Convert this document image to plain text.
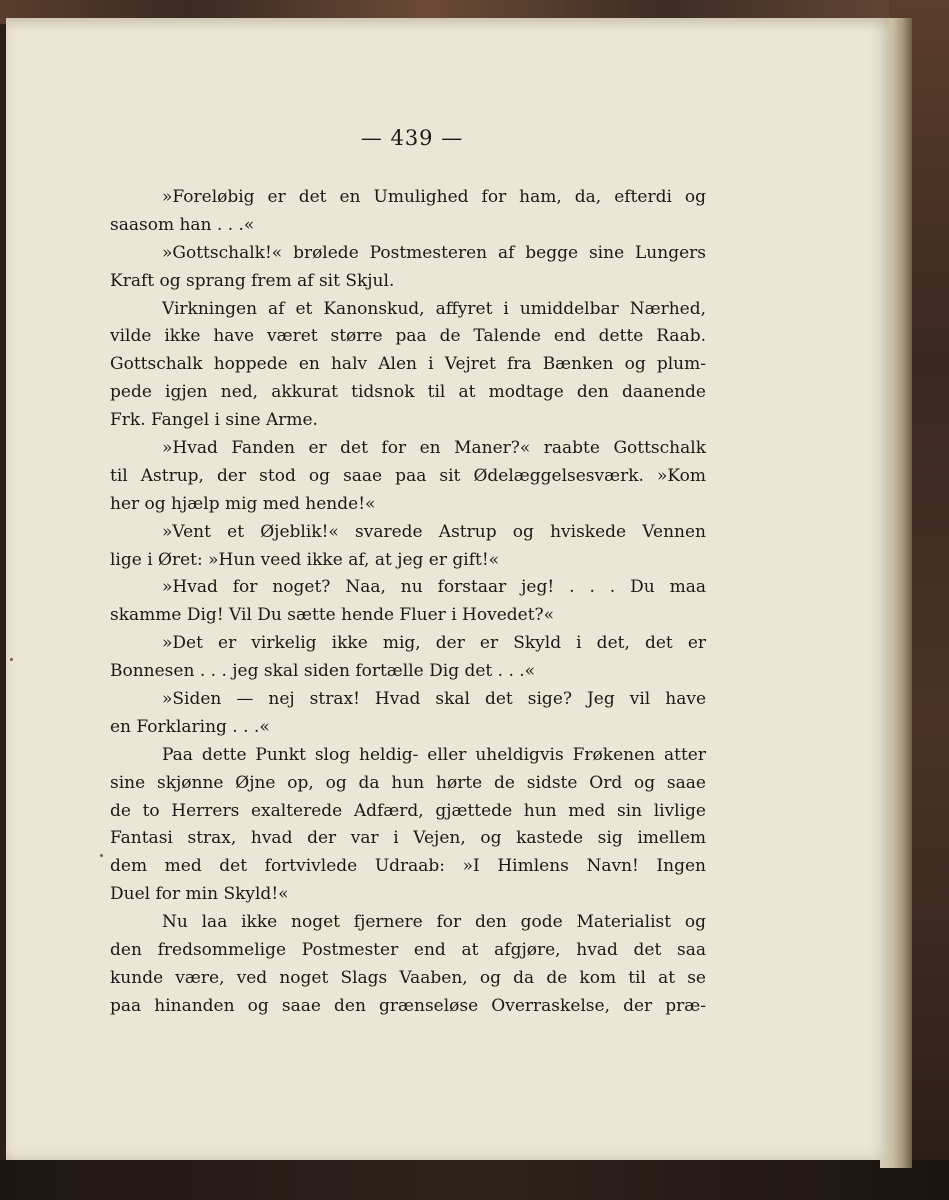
— 439 —
»Foreløbig er det en Umulighed for ham, da, efterdi og
saasom han . . .«
»Gottschalk!« brølede Postmesteren af begge sine Lungers
Kraft og sprang frem af sit Skjul.
Virkningen af et Kanonskud, affyret i umiddelbar Nærhed,
vilde ikke have været større paa de Talende end dette Raab.
Gottschalk hoppede en halv Alen i Vejret fra Bænken og plum-
pede igjen ned, akkurat tidsnok til at modtage den daanende
Frk. Fangel i sine Arme.
»Hvad Fanden er det for en Maner?« raabte Gottschalk
til Astrup, der stod og saae paa sit Ødelæggelsesværk. »Kom
her og hjælp mig med hende!«
»Vent et Øjeblik!« svarede Astrup og hviskede Vennen
lige i Øret: »Hun veed ikke af, at jeg er gift!«
»Hvad for noget? Naa, nu forstaar jeg! . . . Du maa
skamme Dig! Vil Du sætte hende Fluer i Hovedet?«
»Det er virkelig ikke mig, der er Skyld i det, det er
Bonnesen . . . jeg skal siden fortælle Dig det . . .«
»Siden — nej strax! Hvad skal det sige? Jeg vil have
en Forklaring . . .«
Paa dette Punkt slog heldig- eller uheldigvis Frøkenen atter
sine skjønne Øjne op, og da hun hørte de sidste Ord og saae
de to Herrers exalterede Adfærd, gjættede hun med sin livlige
Fantasi strax, hvad der var i Vejen, og kastede sig imellem
dem med det fortvivlede Udraab: »I Himlens Navn! Ingen
Duel for min Skyld!«
Nu laa ikke noget fjernere for den gode Materialist og
den fredsommelige Postmester end at afgjøre, hvad det saa
kunde være, ved noget Slags Vaaben, og da de kom til at se
paa hinanden og saae den grænseløse Overraskelse, der præ-
